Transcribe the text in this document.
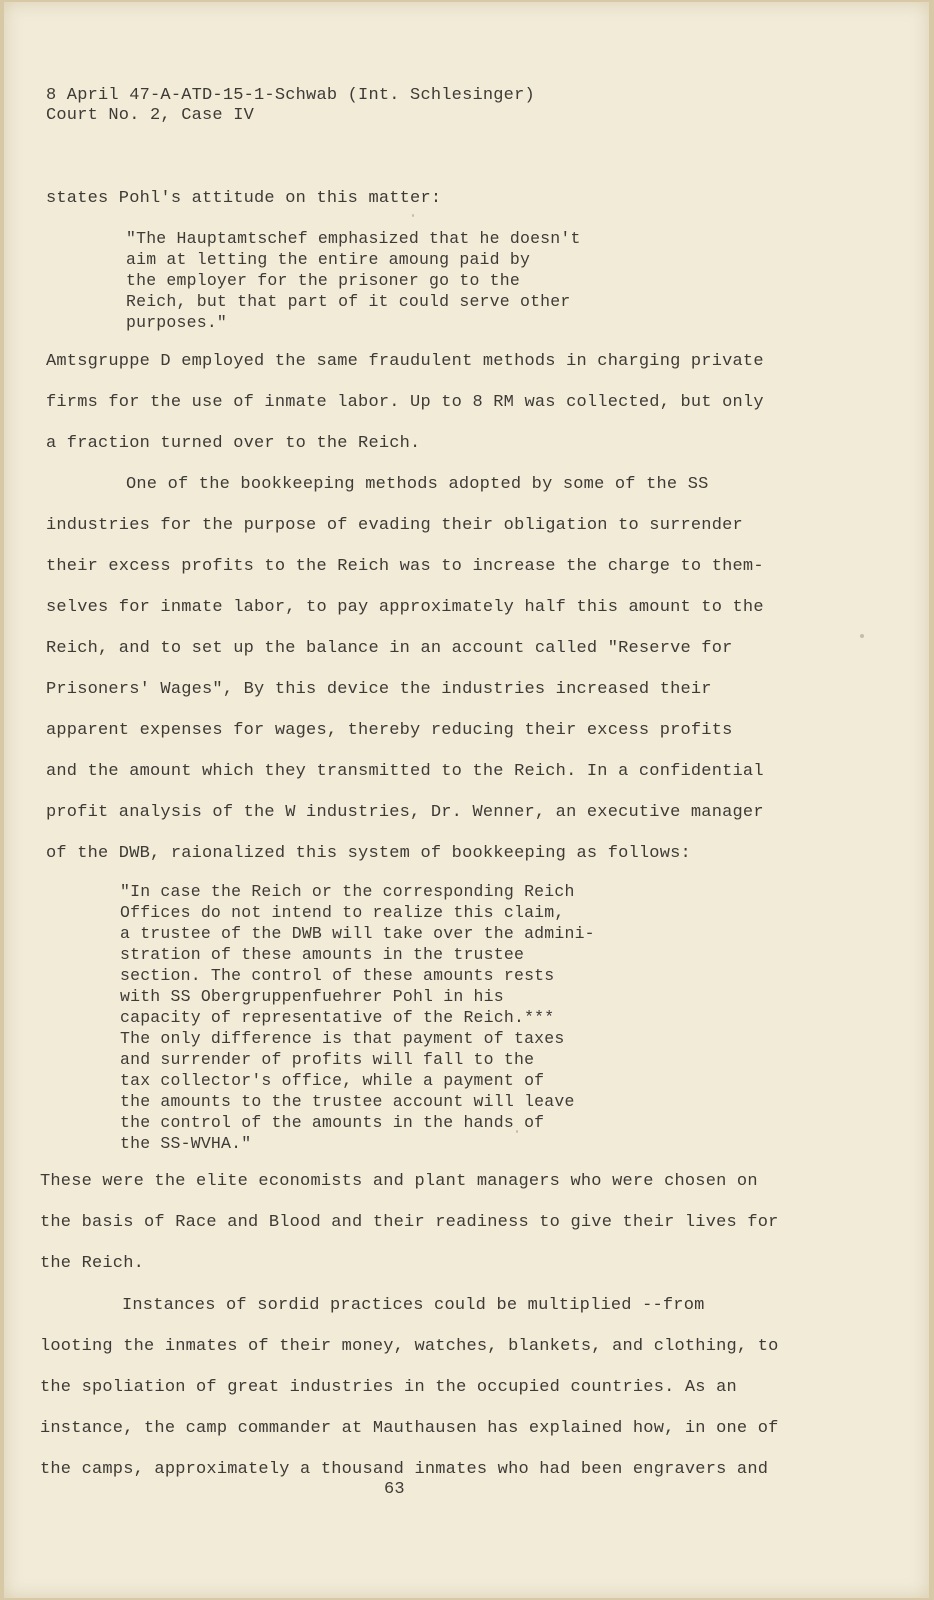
8 April 47-A-ATD-15-1-Schwab (Int. Schlesinger)
Court No. 2, Case IV
states Pohl's attitude on this matter:
"The Hauptamtschef emphasized that he doesn't
aim at letting the entire amoung paid by
the employer for the prisoner go to the
Reich, but that part of it could serve other
purposes."
Amtsgruppe D employed the same fraudulent methods in charging private
firms for the use of inmate labor. Up to 8 RM was collected, but only
a fraction turned over to the Reich.
One of the bookkeeping methods adopted by some of the SS
industries for the purpose of evading their obligation to surrender
their excess profits to the Reich was to increase the charge to them-
selves for inmate labor, to pay approximately half this amount to the
Reich, and to set up the balance in an account called "Reserve for
Prisoners' Wages", By this device the industries increased their
apparent expenses for wages, thereby reducing their excess profits
and the amount which they transmitted to the Reich. In a confidential
profit analysis of the W industries, Dr. Wenner, an executive manager
of the DWB, raionalized this system of bookkeeping as follows:
"In case the Reich or the corresponding Reich
Offices do not intend to realize this claim,
a trustee of the DWB will take over the admini-
stration of these amounts in the trustee
section. The control of these amounts rests
with SS Obergruppenfuehrer Pohl in his
capacity of representative of the Reich.***
The only difference is that payment of taxes
and surrender of profits will fall to the
tax collector's office, while a payment of
the amounts to the trustee account will leave
the control of the amounts in the hands of
the SS-WVHA."
These were the elite economists and plant managers who were chosen on
the basis of Race and Blood and their readiness to give their lives for
the Reich.
Instances of sordid practices could be multiplied --from
looting the inmates of their money, watches, blankets, and clothing, to
the spoliation of great industries in the occupied countries. As an
instance, the camp commander at Mauthausen has explained how, in one of
the camps, approximately a thousand inmates who had been engravers and
63
